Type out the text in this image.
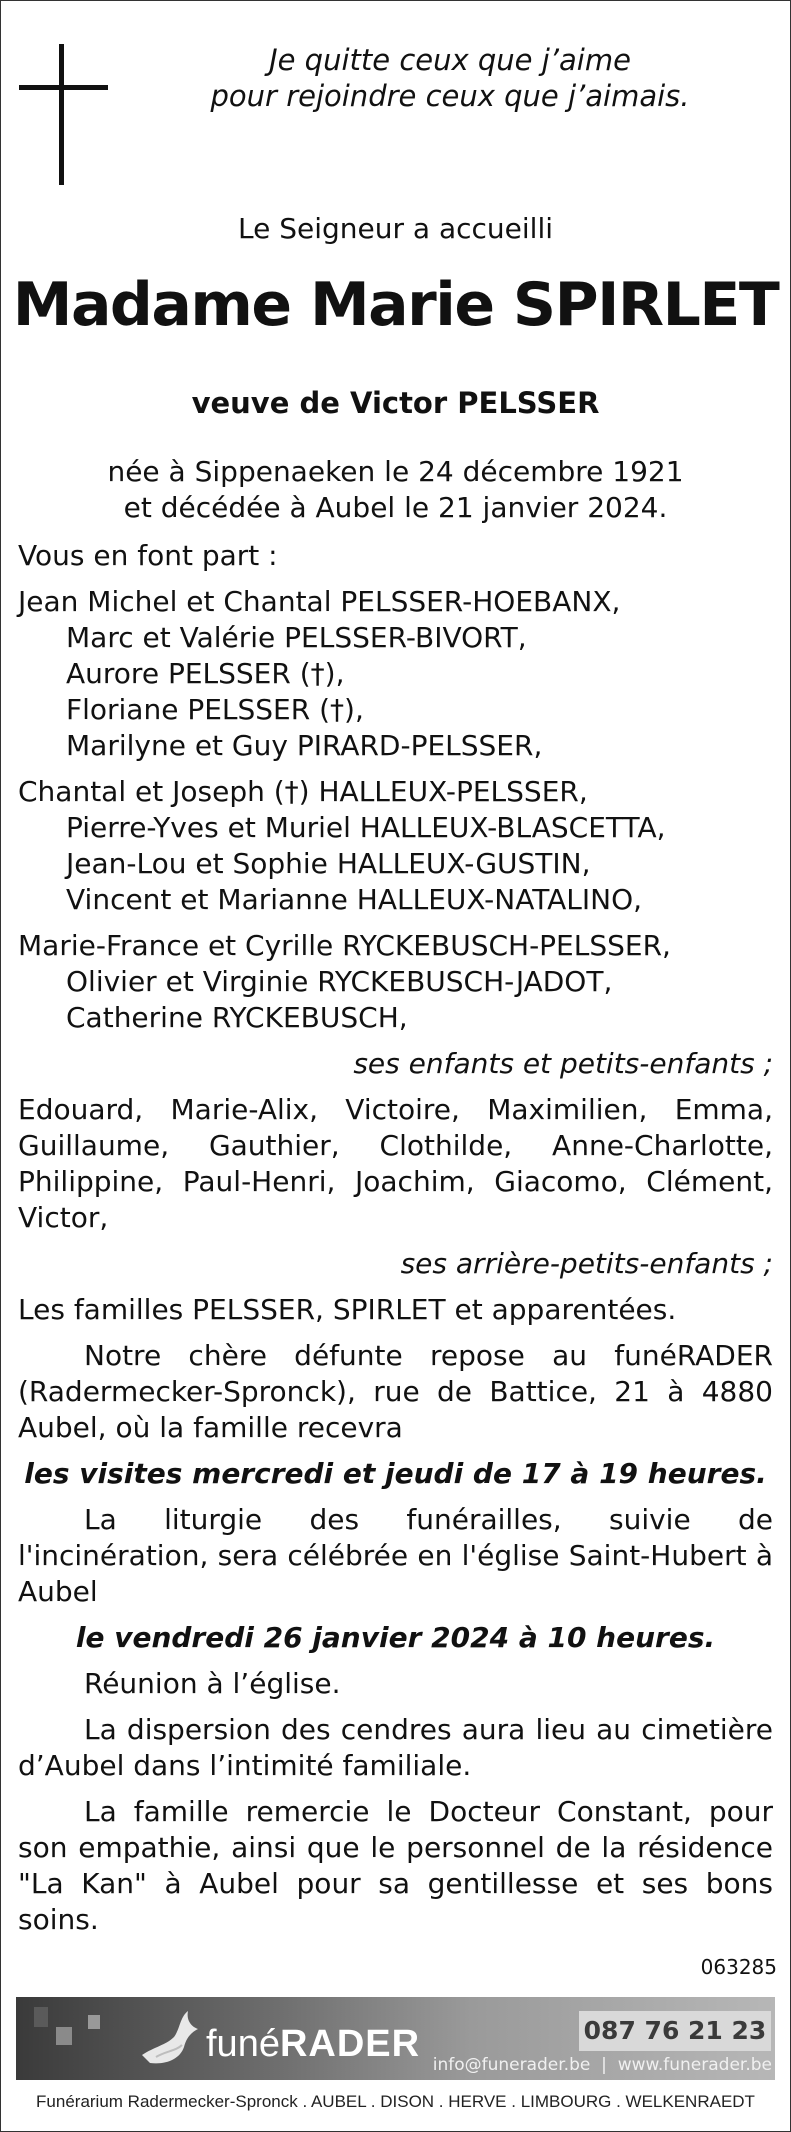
Je quitte ceux que j’aime
pour rejoindre ceux que j’aimais.
Le Seigneur a accueilli
Madame Marie SPIRLET
veuve de Victor PELSSER
née à Sippenaeken le 24 décembre 1921
et décédée à Aubel le 21 janvier 2024.
Vous en font part :
Jean Michel et Chantal PELSSER-HOEBANX,
Marc et Valérie PELSSER-BIVORT,
Aurore PELSSER (†),
Floriane PELSSER (†),
Marilyne et Guy PIRARD-PELSSER,
Chantal et Joseph (†) HALLEUX-PELSSER,
Pierre-Yves et Muriel HALLEUX-BLASCETTA,
Jean-Lou et Sophie HALLEUX-GUSTIN,
Vincent et Marianne HALLEUX-NATALINO,
Marie-France et Cyrille RYCKEBUSCH-PELSSER,
Olivier et Virginie RYCKEBUSCH-JADOT,
Catherine RYCKEBUSCH,
ses enfants et petits-enfants ;
Edouard, Marie-Alix, Victoire, Maximilien, Emma, Guillaume, Gauthier, Clothilde, Anne-Charlotte, Philippine, Paul-Henri, Joachim, Giacomo, Clément, Victor,
ses arrière-petits-enfants ;
Les familles PELSSER, SPIRLET et apparentées.
Notre chère défunte repose au funéRADER (Radermecker-Spronck), rue de Battice, 21 à 4880 Aubel, où la famille recevra
les visites mercredi et jeudi de 17 à 19 heures.
La liturgie des funérailles, suivie de l'incinération, sera célébrée en l'église Saint-Hubert à Aubel
le vendredi 26 janvier 2024 à 10 heures.
Réunion à l’église.
La dispersion des cendres aura lieu au cimetière d’Aubel dans l’intimité familiale.
La famille remercie le Docteur Constant, pour son empathie, ainsi que le personnel de la résidence "La Kan" à Aubel pour sa gentillesse et ses bons soins.
063285
funéRADER	087 76 21 23
info@funerader.be | www.funerader.be
Funérarium Radermecker-Spronck . AUBEL . DISON . HERVE . LIMBOURG . WELKENRAEDT
